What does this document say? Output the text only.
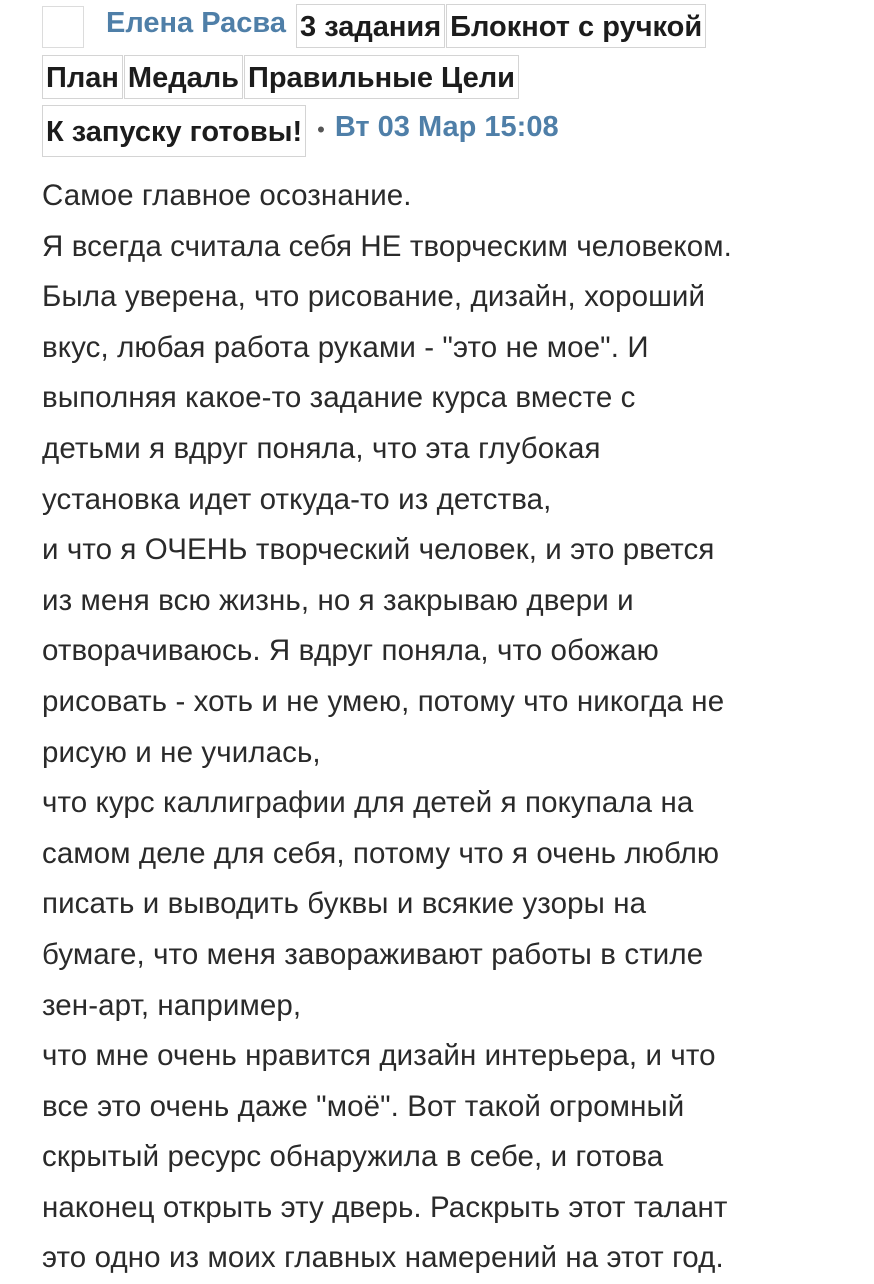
Елена Расва 3 задания Блокнот с ручкой
План Медаль Правильные Цели
К запуску готовы! • Вт 03 Мар 15:08
Самое главное осознание.
Я всегда считала себя НЕ творческим человеком.
Была уверена, что рисование, дизайн, хороший
вкус, любая работа руками - "это не мое". И
выполняя какое-то задание курса вместе с
детьми я вдруг поняла, что эта глубокая
установка идет откуда-то из детства,
и что я ОЧЕНЬ творческий человек, и это рвется
из меня всю жизнь, но я закрываю двери и
отворачиваюсь. Я вдруг поняла, что обожаю
рисовать - хоть и не умею, потому что никогда не
рисую и не училась,
что курс каллиграфии для детей я покупала на
самом деле для себя, потому что я очень люблю
писать и выводить буквы и всякие узоры на
бумаге, что меня завораживают работы в стиле
зен-арт, например,
что мне очень нравится дизайн интерьера, и что
все это очень даже "моё". Вот такой огромный
скрытый ресурс обнаружила в себе, и готова
наконец открыть эту дверь. Раскрыть этот талант
это одно из моих главных намерений на этот год.
